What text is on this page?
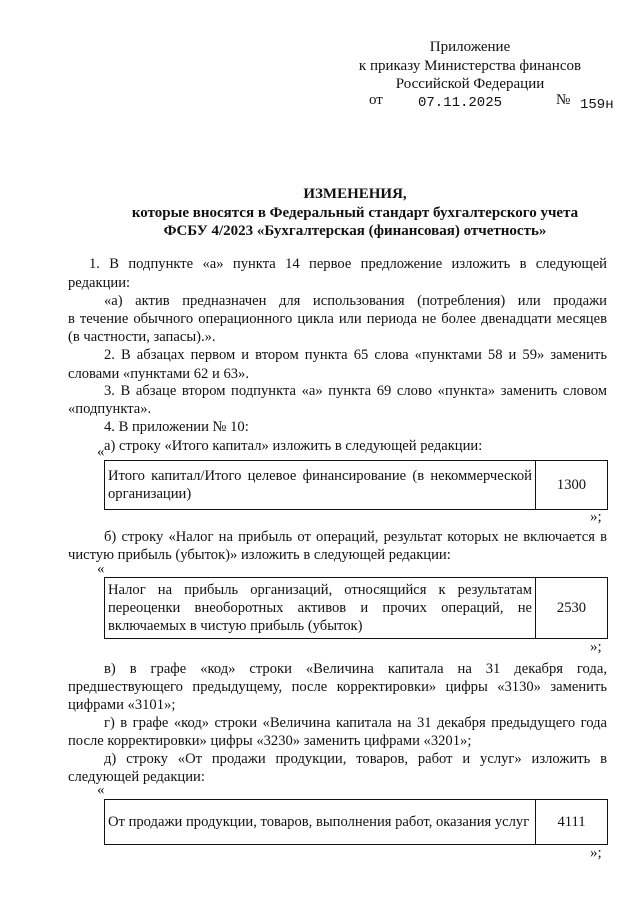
Приложение
к приказу Министерства финансов
Российской Федерации
от	07.11.2025	№ 159н
ИЗМЕНЕНИЯ,
которые вносятся в Федеральный стандарт бухгалтерского учета
ФСБУ 4/2023 «Бухгалтерская (финансовая) отчетность»
1. В подпункте «а» пункта 14 первое предложение изложить в следующей
редакции:
«а) актив предназначен для использования (потребления) или продажи
в течение обычного операционного цикла или периода не более двенадцати месяцев
(в частности, запасы).».
2. В абзацах первом и втором пункта 65 слова «пунктами 58 и 59» заменить
словами «пунктами 62 и 63».
3. В абзаце втором подпункта «а» пункта 69 слово «пункта» заменить словом
«подпункта».
4. В приложении № 10:
а) строку «Итого капитал» изложить в следующей редакции:
«
Итого капитал/Итого целевое финансирование (в некоммерческой организации)	1300
»;
б) строку «Налог на прибыль от операций, результат которых не включается в
чистую прибыль (убыток)» изложить в следующей редакции:
«
Налог на прибыль организаций, относящийся к результатам переоценки внеоборотных активов и прочих операций, не включаемых в чистую прибыль (убыток)	2530
»;
в) в графе «код» строки «Величина капитала на 31 декабря года,
предшествующего предыдущему, после корректировки» цифры «3130» заменить
цифрами «3101»;
г) в графе «код» строки «Величина капитала на 31 декабря предыдущего года
после корректировки» цифры «3230» заменить цифрами «3201»;
д) строку «От продажи продукции, товаров, работ и услуг» изложить в
следующей редакции:
«
От продажи продукции, товаров, выполнения работ, оказания услуг	4111
»;
